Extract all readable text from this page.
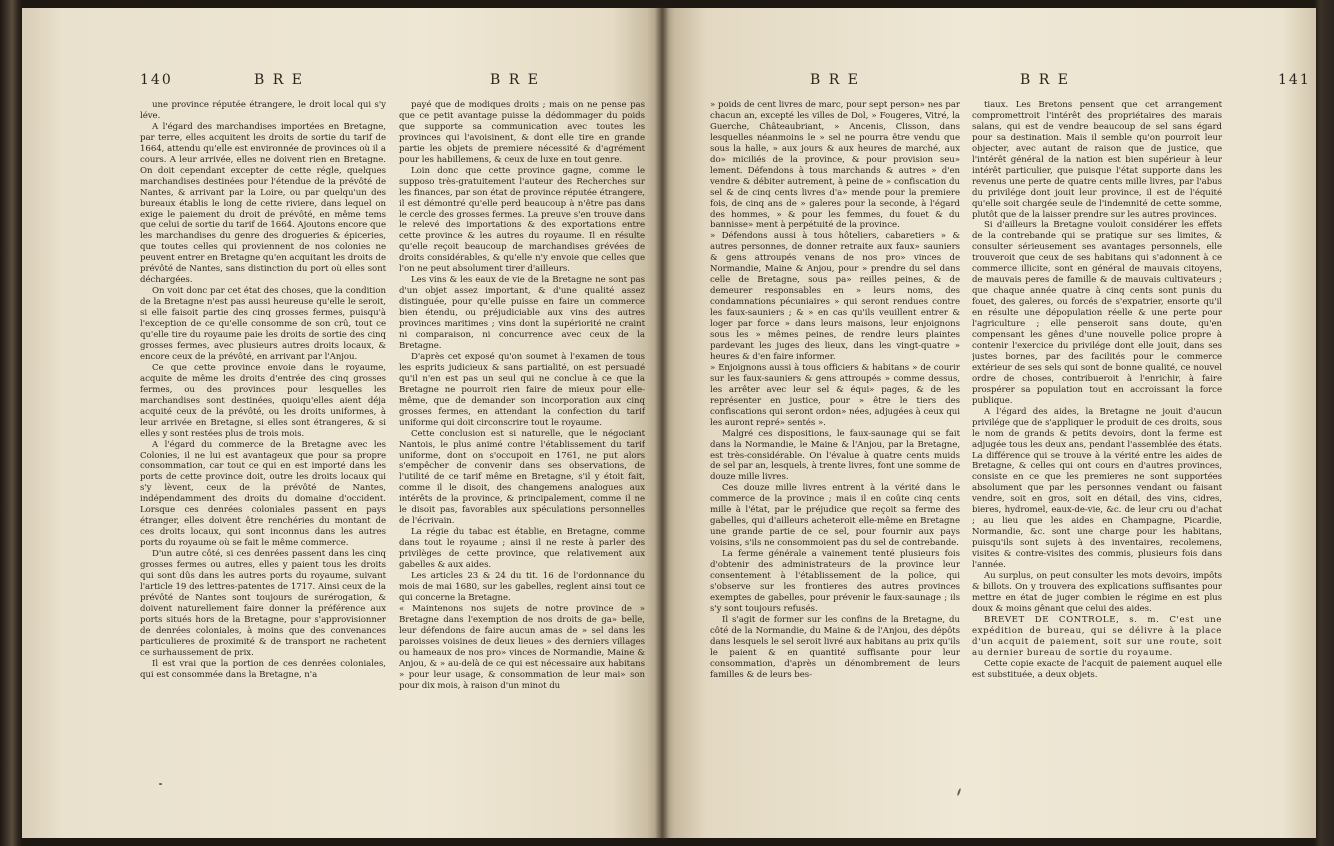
140	B R E	B R E

une province réputée étrangere, le droit local qui s'y léve.

A l'égard des marchandises importées en Bretagne, par terre, elles acquitent les droits de sortie du tarif de 1664, attendu qu'elle est environnée de provinces où il a cours. A leur arrivée, elles ne doivent rien en Bretagne. On doit cependant excepter de cette régle, quelques marchandises destinées pour l'étendue de la prévôté de Nantes, & arrivant par la Loire, ou par quelqu'un des bureaux établis le long de cette riviere, dans lequel on exige le paiement du droit de prévôté, en même tems que celui de sortie du tarif de 1664. Ajoutons encore que les marchandises du genre des drogueries & épiceries, que toutes celles qui proviennent de nos colonies ne peuvent entrer en Bretagne qu'en acquitant les droits de prévôté de Nantes, sans distinction du port où elles sont déchargées.

On voit donc par cet état des choses, que la condition de la Bretagne n'est pas aussi heureuse qu'elle le seroit, si elle faisoit partie des cinq grosses fermes, puisqu'à l'exception de ce qu'elle consomme de son crû, tout ce qu'elle tire du royaume paie les droits de sortie des cinq grosses fermes, avec plusieurs autres droits locaux, & encore ceux de la prévôté, en arrivant par l'Anjou.

Ce que cette province envoie dans le royaume, acquite de même les droits d'entrée des cinq grosses fermes, ou des provinces pour lesquelles les marchandises sont destinées, quoiqu'elles aient déja acquité ceux de la prévôté, ou les droits uniformes, à leur arrivée en Bretagne, si elles sont étrangeres, & si elles y sont restées plus de trois mois.

A l'égard du commerce de la Bretagne avec les Colonies, il ne lui est avantageux que pour sa propre consommation, car tout ce qui en est importé dans les ports de cette province doit, outre les droits locaux qui s'y lèvent, ceux de la prévôté de Nantes, indépendamment des droits du domaine d'occident. Lorsque ces denrées coloniales passent en pays étranger, elles doivent être renchéries du montant de ces droits locaux, qui sont inconnus dans les autres ports du royaume où se fait le même commerce.

D'un autre côté, si ces denrées passent dans les cinq grosses fermes ou autres, elles y paient tous les droits qui sont dûs dans les autres ports du royaume, suivant l'article 19 des lettres-patentes de 1717. Ainsi ceux de la prévôté de Nantes sont toujours de surérogation, & doivent naturellement faire donner la préférence aux ports situés hors de la Bretagne, pour s'approvisionner de denrées coloniales, à moins que des convenances particulieres de proximité & de transport ne rachetent ce surhaussement de prix.

Il est vrai que la portion de ces denrées coloniales, qui est consommée dans la Bretagne, n'a

payé que de modiques droits ; mais on ne pense pas que ce petit avantage puisse la dédommager du poids que supporte sa communication avec toutes les provinces qui l'avoisinent, & dont elle tire en grande partie les objets de premiere nécessité & d'agrément pour les habillemens, & ceux de luxe en tout genre.

Loin donc que cette province gagne, comme le supposo très-gratuitement l'auteur des Recherches sur les finances, par son état de province réputée étrangere, il est démontré qu'elle perd beaucoup à n'être pas dans le cercle des grosses fermes. La preuve s'en trouve dans le relevé des importations & des exportations entre cette province & les autres du royaume. Il en résulte qu'elle reçoit beaucoup de marchandises grévées de droits considérables, & qu'elle n'y envoie que celles que l'on ne peut absolument tirer d'ailleurs.

Les vins & les eaux de vie de la Bretagne ne sont pas d'un objet assez important, & d'une qualité assez distinguée, pour qu'elle puisse en faire un commerce bien étendu, ou préjudiciable aux vins des autres provinces maritimes ; vins dont la supériorité ne craint ni comparaison, ni concurrence avec ceux de la Bretagne.

D'après cet exposé qu'on soumet à l'examen de tous les esprits judicieux & sans partialité, on est persuadé qu'il n'en est pas un seul qui ne conclue à ce que la Bretagne ne pourroit rien faire de mieux pour elle-même, que de demander son incorporation aux cinq grosses fermes, en attendant la confection du tarif uniforme qui doit circonscrire tout le royaume.

Cette conclusion est si naturelle, que le négociant Nantois, le plus animé contre l'établissement du tarif uniforme, dont on s'occupoit en 1761, ne put alors s'empêcher de convenir dans ses observations, de l'utilité de ce tarif même en Bretagne, s'il y étoit fait, comme il le disoit, des changemens analogues aux intérêts de la province, & principalement, comme il ne le disoit pas, favorables aux spéculations personnelles de l'écrivain.

La régie du tabac est établie, en Bretagne, comme dans tout le royaume ; ainsi il ne reste à parler des privilèges de cette province, que relativement aux gabelles & aux aides.

Les articles 23 & 24 du tit. 16 de l'ordonnance du mois de mai 1680, sur les gabelles, reglent ainsi tout ce qui concerne la Bretagne.

« Maintenons nos sujets de notre province de » Bretagne dans l'exemption de nos droits de ga» belle, leur défendons de faire aucun amas de » sel dans les paroisses voisines de deux lieues » des derniers villages ou hameaux de nos pro» vinces de Normandie, Maine & Anjou, & » au-delà de ce qui est nécessaire aux habitans » pour leur usage, & consommation de leur mai» son pour dix mois, à raison d'un minot du

B R E	B R E	141

» poids de cent livres de marc, pour sept person» nes par chacun an, excepté les villes de Dol, » Fougeres, Vitré, la Guerche, Châteaubriant, » Ancenis, Clisson, dans lesquelles néanmoins le » sel ne pourra être vendu que sous la halle, » aux jours & aux heures de marché, aux do» miciliés de la province, & pour provision seu» lement. Défendons à tous marchands & autres » d'en vendre & débiter autrement, à peine de » confiscation du sel & de cinq cents livres d'a» mende pour la premiere fois, de cinq ans de » galeres pour la seconde, à l'égard des hommes, » & pour les femmes, du fouet & du bannisse» ment à perpétuité de la province.

» Défendons aussi à tous hôteliers, cabaretiers » & autres personnes, de donner retraite aux faux» sauniers & gens attroupés venans de nos pro» vinces de Normandie, Maine & Anjou, pour » prendre du sel dans celle de Bretagne, sous pa» reilles peines, & de demeurer responsables en » leurs noms, des condamnations pécuniaires » qui seront rendues contre les faux-sauniers ; & » en cas qu'ils veuillent entrer & loger par force » dans leurs maisons, leur enjoignons sous les » mêmes peines, de rendre leurs plaintes pardevant les juges des lieux, dans les vingt-quatre » heures & d'en faire informer.

» Enjoignons aussi à tous officiers & habitans » de courir sur les faux-sauniers & gens attroupés » comme dessus, les arrêter avec leur sel & équi» pages, & de les représenter en justice, pour » être le tiers des confiscations qui seront ordon» nées, adjugées à ceux qui les auront repré» sentés ».

Malgré ces dispositions, le faux-saunage qui se fait dans la Normandie, le Maine & l'Anjou, par la Bretagne, est très-considérable. On l'évalue à quatre cents muids de sel par an, lesquels, à trente livres, font une somme de douze mille livres.

Ces douze mille livres entrent à la vérité dans le commerce de la province ; mais il en coûte cinq cents mille à l'état, par le préjudice que reçoit sa ferme des gabelles, qui d'ailleurs acheteroit elle-même en Bretagne une grande partie de ce sel, pour fournir aux pays voisins, s'ils ne consommoient pas du sel de contrebande.

La ferme générale a vainement tenté plusieurs fois d'obtenir des administrateurs de la province leur consentement à l'établissement de la police, qui s'observe sur les frontieres des autres provinces exemptes de gabelles, pour prévenir le faux-saunage ; ils s'y sont toujours refusés.

Il s'agit de former sur les confins de la Bretagne, du côté de la Normandie, du Maine & de l'Anjou, des dépôts dans lesquels le sel seroit livré aux habitans au prix qu'ils le paient & en quantité suffisante pour leur consommation, d'après un dénombrement de leurs familles & de leurs bes-

tiaux. Les Bretons pensent que cet arrangement compromettroit l'intérêt des propriétaires des marais salans, qui est de vendre beaucoup de sel sans égard pour sa destination. Mais il semble qu'on pourroit leur objecter, avec autant de raison que de justice, que l'intérêt général de la nation est bien supérieur à leur intérêt particulier, que puisque l'état supporte dans les revenus une perte de quatre cents mille livres, par l'abus du privilége dont jouit leur province, il est de l'équité qu'elle soit chargée seule de l'indemnité de cette somme, plutôt que de la laisser prendre sur les autres provinces.

Si d'ailleurs la Bretagne vouloit considérer les effets de la contrebande qui se pratique sur ses limites, & consulter sérieusement ses avantages personnels, elle trouveroit que ceux de ses habitans qui s'adonnent à ce commerce illicite, sont en général de mauvais citoyens, de mauvais peres de famille & de mauvais cultivateurs ; que chaque année quatre à cinq cents sont punis du fouet, des galeres, ou forcés de s'expatrier, ensorte qu'il en résulte une dépopulation réelle & une perte pour l'agriculture ; elle penseroit sans doute, qu'en compensant les gênes d'une nouvelle police propre à contenir l'exercice du privilége dont elle jouit, dans ses justes bornes, par des facilités pour le commerce extérieur de ses sels qui sont de bonne qualité, ce nouvel ordre de choses, contribueroit à l'enrichir, à faire prospérer sa population tout en accroissant la force publique.

A l'égard des aides, la Bretagne ne jouit d'aucun privilége que de s'appliquer le produit de ces droits, sous le nom de grands & petits devoirs, dont la ferme est adjugée tous les deux ans, pendant l'assemblée des états. La différence qui se trouve à la vérité entre les aides de Bretagne, & celles qui ont cours en d'autres provinces, consiste en ce que les premieres ne sont supportées absolument que par les personnes vendant ou faisant vendre, soit en gros, soit en détail, des vins, cidres, bieres, hydromel, eaux-de-vie, &c. de leur cru ou d'achat ; au lieu que les aides en Champagne, Picardie, Normandie, &c. sont une charge pour les habitans, puisqu'ils sont sujets à des inventaires, recolemens, visites & contre-visites des commis, plusieurs fois dans l'année.

Au surplus, on peut consulter les mots devoirs, impôts & billots. On y trouvera des explications suffisantes pour mettre en état de juger combien le régime en est plus doux & moins gênant que celui des aides.

BREVET DE CONTROLE, s. m. C'est une expédition de bureau, qui se délivre à la place d'un acquit de paiement, soit sur une route, soit au dernier bureau de sortie du royaume.

Cette copie exacte de l'acquit de paiement auquel elle est substituée, a deux objets.
